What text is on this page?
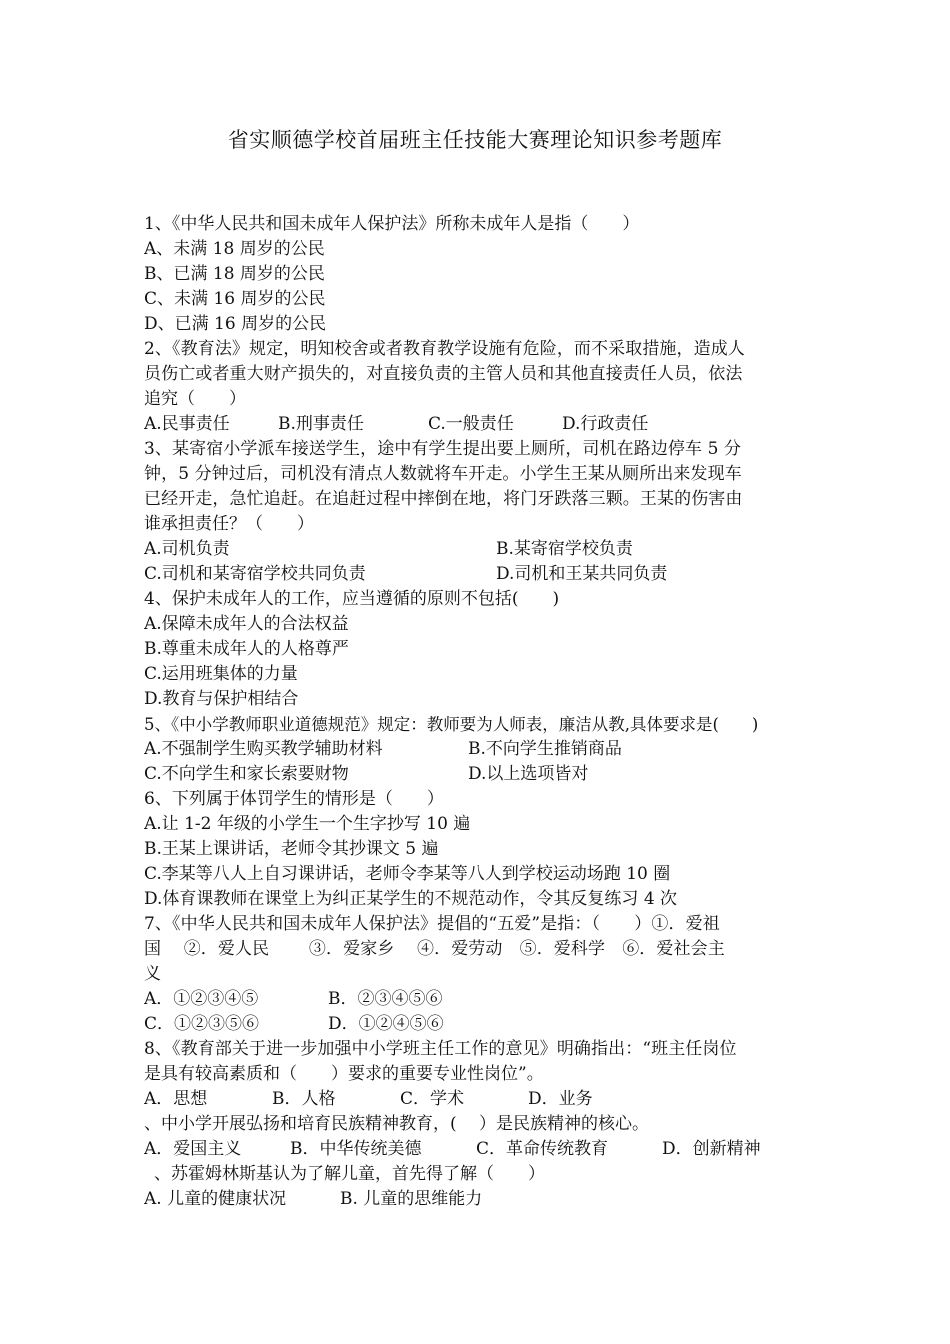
省实顺德学校首届班主任技能大赛理论知识参考题库
1、《中华人民共和国未成年人保护法》所称未成年人是指（　　）
A、未满 18 周岁的公民
B、已满 18 周岁的公民
C、未满 16 周岁的公民
D、已满 16 周岁的公民
2、《教育法》规定，明知校舍或者教育教学设施有危险，而不采取措施，造成人
员伤亡或者重大财产损失的，对直接负责的主管人员和其他直接责任人员，依法
追究（　　）
A.民事责任	B.刑事责任	C.一般责任	D.行政责任
3、某寄宿小学派车接送学生，途中有学生提出要上厕所，司机在路边停车 5 分
钟，5 分钟过后，司机没有清点人数就将车开走。小学生王某从厕所出来发现车
已经开走，急忙追赶。在追赶过程中摔倒在地，将门牙跌落三颗。王某的伤害由
谁承担责任？（　　）
A.司机负责	B.某寄宿学校负责
C.司机和某寄宿学校共同负责	D.司机和王某共同负责
4、保护未成年人的工作，应当遵循的原则不包括(　　)
A.保障未成年人的合法权益
B.尊重未成年人的人格尊严
C.运用班集体的力量
D.教育与保护相结合
5、《中小学教师职业道德规范》规定：教师要为人师表，廉洁从教,具体要求是(　　)
A.不强制学生购买教学辅助材料	B.不向学生推销商品
C.不向学生和家长索要财物	D.以上选项皆对
6、下列属于体罚学生的情形是（　　）
A.让 1-2 年级的小学生一个生字抄写 10 遍
B.王某上课讲话，老师令其抄课文 5 遍
C.李某等八人上自习课讲话，老师令李某等八人到学校运动场跑 10 圈
D.体育课教师在课堂上为纠正某学生的不规范动作，令其反复练习 4 次
7、《中华人民共和国未成年人保护法》提倡的“五爱”是指：（　　）①．爱祖
国　 ②．爱人民　　 ③．爱家乡　 ④．爱劳动　⑤．爱科学　⑥．爱社会主
义
A．①②③④⑤	B．②③④⑤⑥
C．①②③⑤⑥	D．①②④⑤⑥
8、《教育部关于进一步加强中小学班主任工作的意见》明确指出：“班主任岗位
是具有较高素质和（　　）要求的重要专业性岗位”。
A．思想	B．人格	C．学术	D．业务
、中小学开展弘扬和培育民族精神教育，(　 ）是民族精神的核心。
A．爱国主义	B．中华传统美德	C．革命传统教育	D．创新精神
、苏霍姆林斯基认为了解儿童，首先得了解（　　）
A. 儿童的健康状况	B. 儿童的思维能力
